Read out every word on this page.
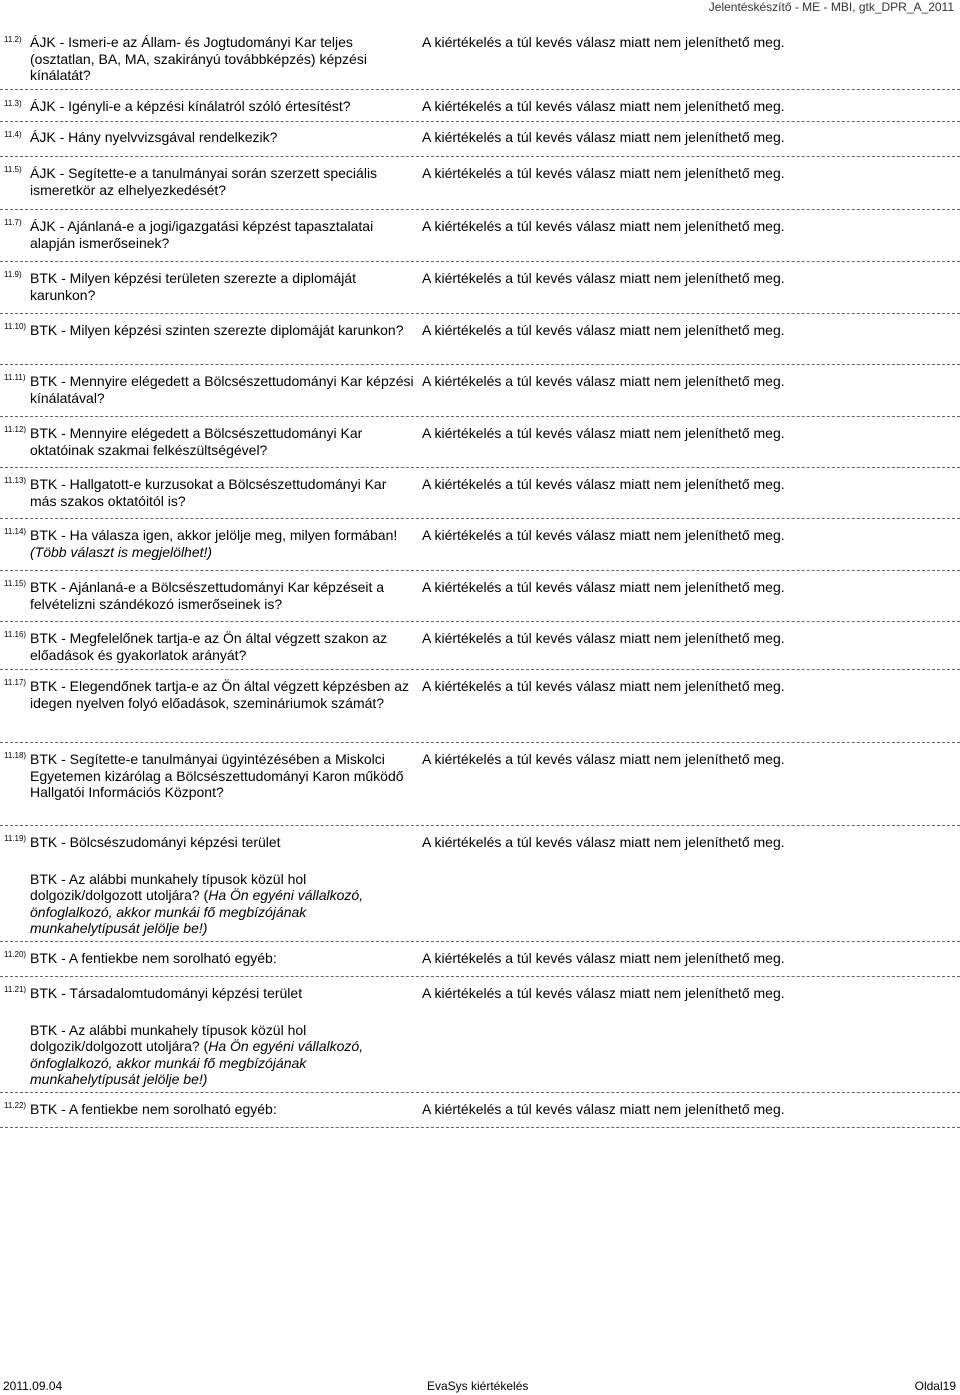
Jelentéskészítő - ME - MBI, gtk_DPR_A_2011
11.2) ÁJK - Ismeri-e az Állam- és Jogtudományi Kar teljes (osztatlan, BA, MA, szakirányú továbbképzés) képzési kínálatát?
A kiértékelés a túl kevés válasz miatt nem jeleníthető meg.
11.3) ÁJK - Igényli-e a képzési kínálatról szóló értesítést?	A kiértékelés a túl kevés válasz miatt nem jeleníthető meg.
11.4) ÁJK - Hány nyelvvizsgával rendelkezik?	A kiértékelés a túl kevés válasz miatt nem jeleníthető meg.
11.5) ÁJK - Segítette-e a tanulmányai során szerzett speciális ismeretkör az elhelyezkedését?
A kiértékelés a túl kevés válasz miatt nem jeleníthető meg.
11.7) ÁJK - Ajánlaná-e a jogi/igazgatási képzést tapasztalatai alapján ismerőseinek?
A kiértékelés a túl kevés válasz miatt nem jeleníthető meg.
11.9) BTK - Milyen képzési területen szerezte a diplomáját karunkon?
A kiértékelés a túl kevés válasz miatt nem jeleníthető meg.
11.10) BTK - Milyen képzési szinten szerezte diplomáját karunkon?	A kiértékelés a túl kevés válasz miatt nem jeleníthető meg.
11.11) BTK - Mennyire elégedett a Bölcsészettudományi Kar képzési kínálatával?
A kiértékelés a túl kevés válasz miatt nem jeleníthető meg.
11.12) BTK - Mennyire elégedett a Bölcsészettudományi Kar oktatóinak szakmai felkészültségével?
A kiértékelés a túl kevés válasz miatt nem jeleníthető meg.
11.13) BTK - Hallgatott-e kurzusokat a Bölcsészettudományi Kar más szakos oktatóitól is?
A kiértékelés a túl kevés válasz miatt nem jeleníthető meg.
11.14) BTK - Ha válasza igen, akkor jelölje meg, milyen formában!
(Több választ is megjelölhet!)
A kiértékelés a túl kevés válasz miatt nem jeleníthető meg.
11.15) BTK - Ajánlaná-e a Bölcsészettudományi Kar képzéseit a felvételizni szándékozó ismerőseinek is?
A kiértékelés a túl kevés válasz miatt nem jeleníthető meg.
11.16) BTK - Megfelelőnek tartja-e az Ön által végzett szakon az előadások és gyakorlatok arányát?
A kiértékelés a túl kevés válasz miatt nem jeleníthető meg.
11.17) BTK - Elegendőnek tartja-e az Ön által végzett képzésben az idegen nyelven folyó előadások, szemináriumok számát?
A kiértékelés a túl kevés válasz miatt nem jeleníthető meg.
11.18) BTK - Segítette-e tanulmányai ügyintézésében a Miskolci Egyetemen kizárólag a Bölcsészettudományi Karon működő Hallgatói Információs Központ?
A kiértékelés a túl kevés válasz miatt nem jeleníthető meg.
11.19) BTK - Bölcsészudományi képzési terület
BTK - Az alábbi munkahely típusok közül hol dolgozik/dolgozott utoljára? (Ha Ön egyéni vállalkozó, önfoglalkozó, akkor munkái fő megbízójának munkahelytípusát jelölje be!)
A kiértékelés a túl kevés válasz miatt nem jeleníthető meg.
11.20) BTK - A fentiekbe nem sorolható egyéb:	A kiértékelés a túl kevés válasz miatt nem jeleníthető meg.
11.21) BTK - Társadalomtudományi képzési terület
BTK - Az alábbi munkahely típusok közül hol dolgozik/dolgozott utoljára? (Ha Ön egyéni vállalkozó, önfoglalkozó, akkor munkái fő megbízójának munkahelytípusát jelölje be!)
A kiértékelés a túl kevés válasz miatt nem jeleníthető meg.
11.22) BTK - A fentiekbe nem sorolható egyéb:	A kiértékelés a túl kevés válasz miatt nem jeleníthető meg.
2011.09.04	EvaSys kiértékelés	Oldal19
